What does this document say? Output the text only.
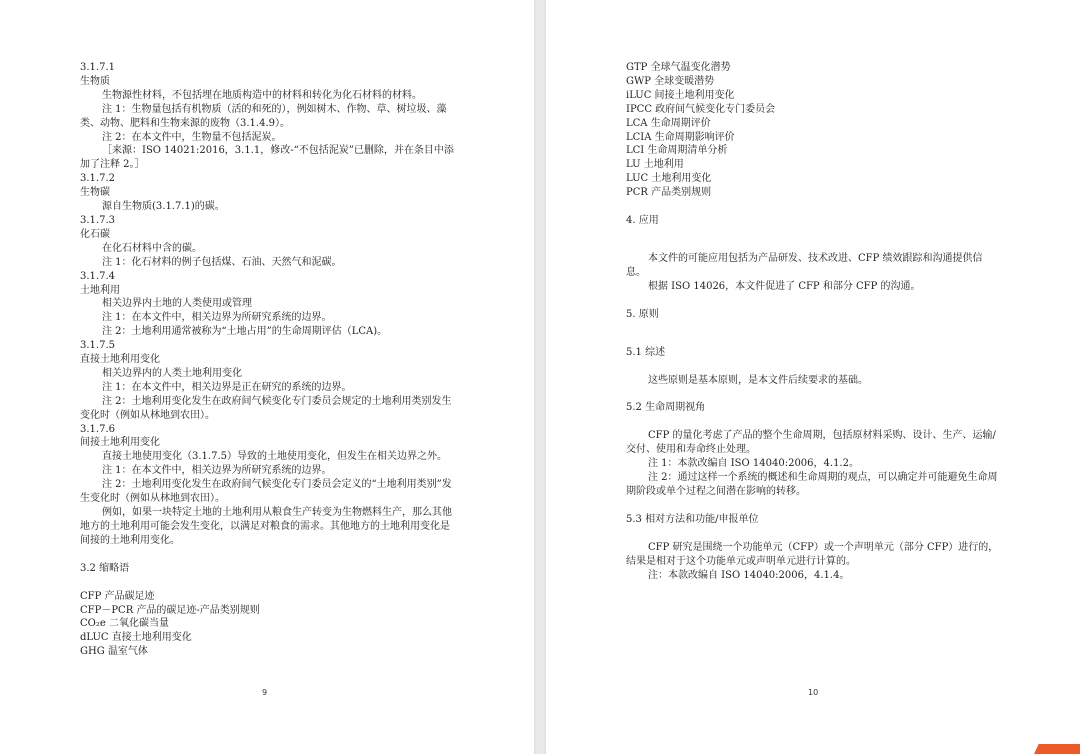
3.1.7.1

生物质

生物源性材料，不包括埋在地质构造中的材料和转化为化石材料的材料。

注 1：生物量包括有机物质（活的和死的），例如树木、作物、草、树垃圾、藻类、动物、肥料和生物来源的废物（3.1.4.9）。

注 2：在本文件中，生物量不包括泥炭。

［来源：ISO 14021:2016，3.1.1，修改-“不包括泥炭”已删除，并在条目中添加了注释 2。］

3.1.7.2

生物碳

源自生物质(3.1.7.1)的碳。

3.1.7.3

化石碳

在化石材料中含的碳。

注 1：化石材料的例子包括煤、石油、天然气和泥碳。

3.1.7.4

土地利用

相关边界内土地的人类使用或管理

注 1：在本文件中，相关边界为所研究系统的边界。

注 2：土地利用通常被称为“土地占用”的生命周期评估（LCA)。

3.1.7.5

直接土地利用变化

相关边界内的人类土地利用变化

注 1：在本文件中，相关边界是正在研究的系统的边界。

注 2：土地利用变化发生在政府间气候变化专门委员会规定的土地利用类别发生变化时（例如从林地到农田）。

3.1.7.6

间接土地利用变化

直接土地使用变化（3.1.7.5）导致的土地使用变化，但发生在相关边界之外。

注 1：在本文件中，相关边界为所研究系统的边界。

注 2：土地利用变化发生在政府间气候变化专门委员会定义的“土地利用类别”发生变化时（例如从林地到农田）。

例如，如果一块特定土地的土地利用从粮食生产转变为生物燃料生产，那么其他地方的土地利用可能会发生变化，以满足对粮食的需求。其他地方的土地利用变化是间接的土地利用变化。

3.2 缩略语

CFP 产品碳足迹

CFP－PCR 产品的碳足迹-产品类别规则

CO₂e 二氧化碳当量

dLUC 直接土地利用变化

GHG 温室气体

9

GTP 全球气温变化潜势

GWP 全球变暖潜势

iLUC 间接土地利用变化

IPCC 政府间气候变化专门委员会

LCA 生命周期评价

LCIA 生命周期影响评价

LCI 生命周期清单分析

LU 土地利用

LUC 土地利用变化

PCR 产品类别规则

4. 应用

本文件的可能应用包括为产品研发、技术改进、CFP 绩效跟踪和沟通提供信息。

根据 ISO 14026，本文件促进了 CFP 和部分 CFP 的沟通。

5. 原则

5.1 综述

这些原则是基本原则，是本文件后续要求的基础。

5.2 生命周期视角

CFP 的量化考虑了产品的整个生命周期，包括原材料采购、设计、生产、运输/交付、使用和寿命终止处理。

注 1：本款改编自 ISO 14040:2006，4.1.2。

注 2：通过这样一个系统的概述和生命周期的观点，可以确定并可能避免生命周期阶段或单个过程之间潜在影响的转移。

5.3 相对方法和功能/申报单位

CFP 研究是围绕一个功能单元（CFP）或一个声明单元（部分 CFP）进行的，结果是相对于这个功能单元或声明单元进行计算的。

注：本款改编自 ISO 14040:2006，4.1.4。

10
